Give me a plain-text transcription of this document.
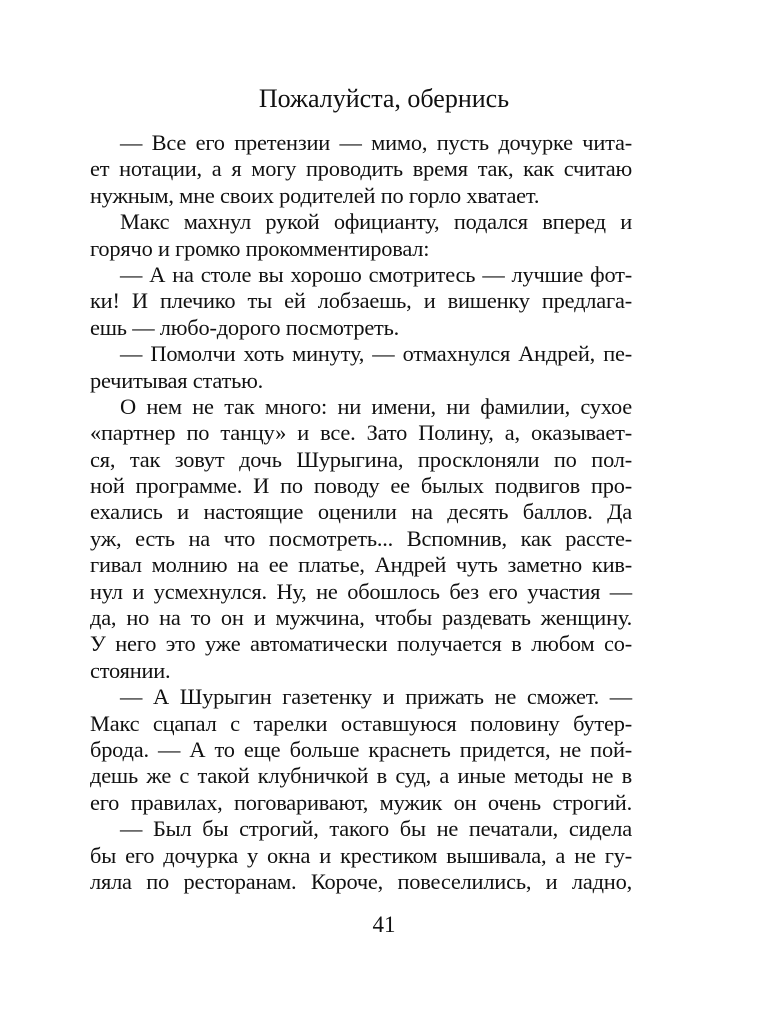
Пожалуйста, обернись
— Все его претензии — мимо, пусть дочурке чита-
ет нотации, а я могу проводить время так, как считаю
нужным, мне своих родителей по горло хватает.
Макс махнул рукой официанту, подался вперед и
горячо и громко прокомментировал:
— А на столе вы хорошо смотритесь — лучшие фот-
ки! И плечико ты ей лобзаешь, и вишенку предлага-
ешь — любо-дорого посмотреть.
— Помолчи хоть минуту, — отмахнулся Андрей, пе-
речитывая статью.
О нем не так много: ни имени, ни фамилии, сухое
«партнер по танцу» и все. Зато Полину, а, оказывает-
ся, так зовут дочь Шурыгина, просклоняли по пол-
ной программе. И по поводу ее былых подвигов про-
ехались и настоящие оценили на десять баллов. Да
уж, есть на что посмотреть... Вспомнив, как рассте-
гивал молнию на ее платье, Андрей чуть заметно кив-
нул и усмехнулся. Ну, не обошлось без его участия —
да, но на то он и мужчина, чтобы раздевать женщину.
У него это уже автоматически получается в любом со-
стоянии.
— А Шурыгин газетенку и прижать не сможет. —
Макс сцапал с тарелки оставшуюся половину бутер-
брода. — А то еще больше краснеть придется, не пой-
дешь же с такой клубничкой в суд, а иные методы не в
его правилах, поговаривают, мужик он очень строгий.
— Был бы строгий, такого бы не печатали, сидела
бы его дочурка у окна и крестиком вышивала, а не гу-
ляла по ресторанам. Короче, повеселились, и ладно,
41
